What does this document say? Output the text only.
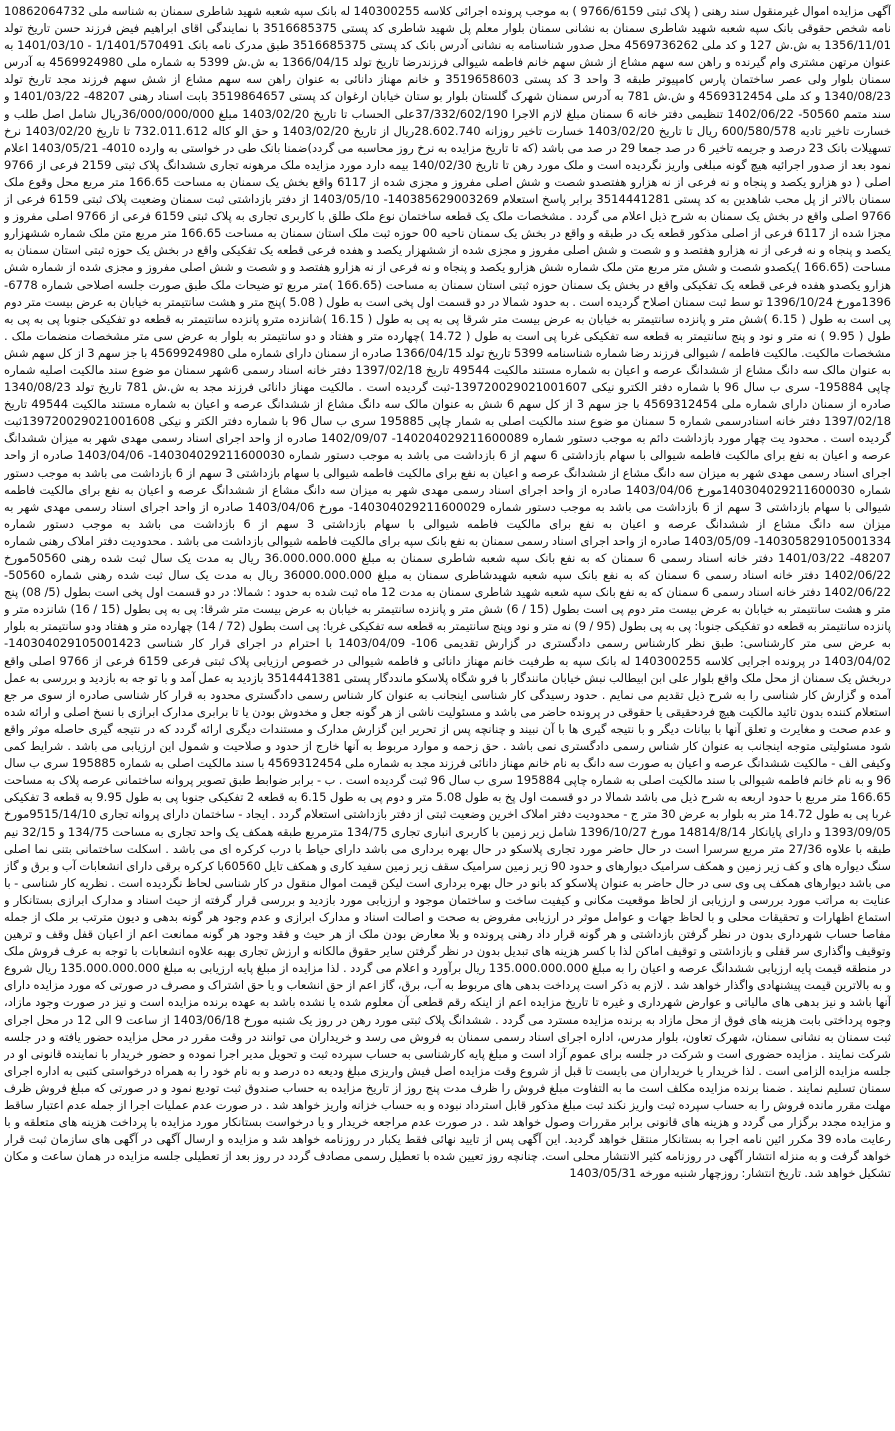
آگهی مزایده اموال غیرمنقول سند رهنی ( پلاک ثبتی 9766/6159 ) به موجب پرونده اجرائی کلاسه 140300255 له بانک سپه شعبه شهید شاطری سمنان به شناسه ملی 10862064732 نامه شخص حقوقی بانک سپه شعبه شهید شاطری سمنان به نشانی سمنان بلوار معلم پل شهید شاطری کد پستی 3516685375 با نمایندگی اقای ابراهیم فیض فرزند حسن تاریخ تولد 1356/11/01 به ش.ش 127 و کد ملی 4569736262 محل صدور شناسنامه به نشانی آدرس بانک کد پستی 3516685375 طبق مدرک نامه بانک 1/1401/570491 - 1401/03/10 به عنوان مرتهن مشتری وام گیرنده و راهن سه سهم مشاع از شش سهم خانم فاطمه شیوالی فرزندرضا تاریخ تولد 1366/04/15 به ش.ش 5399 به شماره ملی 4569924980 به آدرس سمنان بلوار ولی عصر ساختمان پارس کامپیوتر طبقه 3 واحد 3 کد پستی 3519658603 و خانم مهناز دانائی به عنوان راهن سه سهم مشاع از شش سهم فرزند مجد تاریخ تولد 1340/08/23 و کد ملی 4569312454 و ش.ش 781 به آدرس سمنان شهرک گلستان بلوار بو ستان خیابان ارغوان کد پستی 3519864657 بابت اسناد رهنی 48207- 1401/03/22 و سند متمم 50560- 1402/06/22 تنظیمی دفتر خانه 6 سمنان مبلغ لازم الاجرا 37/332/602/190علی الحساب تا تاریخ 1403/02/20 مبلغ 36/000/000/000ریال شامل اصل طلب و خسارت تاخیر تادیه 600/580/578 ریال تا تاریخ 1403/02/20 خسارت تاخیر روزانه 28.602.740ریال از تاریخ 1403/02/20 و حق الو کاله 732.011.612 تا تاریخ 1403/02/20 نرخ تسهیلات بانک 23 درصد و جریمه تاخیر 6 در صد جمعا 29 در صد می باشد (که تا تاریخ مزایده به نرخ روز محاسبه می گردد)ضمنا بانک طی در خواستی به وارده 4010- 1403/05/21 اعلام نمود بعد از صدور اجرائیه هیچ گونه مبلغی واریز نگردیده است و ملک مورد رهن تا تاریخ 140/02/30 بیمه دارد مورد مزایده ملک مرهونه تجاری ششدانگ پلاک ثبتی 2159 فرعی از 9766 اصلی ( دو هزارو یکصد و پنجاه و نه فرعی از نه هزارو هفتصدو شصت و شش اصلی مفروز و مجزی شده از 6117 واقع بخش یک سمنان به مساحت 166.65 متر مربع محل وقوع ملک سمنان بالاتر از پل محب شاهدین به کد پستی 3514441281 برابر پاسخ استعلام 140385629003269- 1403/05/10 از دفتر بازداشتی ثبت سمنان وضعیت پلاک ثبتی 6159 فرعی از 9766 اصلی واقع در بخش یک سمنان به شرح ذیل اعلام می گردد . مشخصات ملک یک قطعه ساختمان نوع ملک طلق با کاربری تجاری به پلاک ثبتی 6159 فرعی از 9766 اصلی مفروز و مجزا شده از 6117 فرعی از اصلی مذکور قطعه یک در طبقه و واقع در بخش یک سمنان ناحیه 00 حوزه ثبت ملک استان سمنان به مساحت 166.65 متر مربع متن ملک شماره ششهزارو یکصد و پنجاه و نه فرعی از نه هزارو هفتصد و و شصت و شش اصلی مفروز و مجزی شده از ششهزار یکصد و هفده فرعی قطعه یک تفکیکی واقع در بخش یک حوزه ثبتی استان سمنان به مساحت (166.65 )یکصدو شصت و شش متر مربع متن ملک شماره شش هزارو یکصد و پنجاه و نه فرعی از نه هزارو هفتصد و و شصت و شش اصلی مفروز و مجزی شده از شماره شش هزارو یکصدو هفده فرعی قطعه یک تفکیکی واقع در بخش یک سمنان حوزه ثبتی استان سمنان به مساحت (166.65 )متر مربع تو ضیحات ملک طبق صورت جلسه اصلاحی شماره 6778- 1396مورخ 1396/10/24 تو سط ثبت سمنان اصلاح گردیده است . به حدود شمالا در دو قسمت اول پخی است به طول ( 5.08 )پنج متر و هشت سانتیمتر به خیابان به عرض بیست متر دوم پی است به طول ( 6.15 )شش متر و پانزده سانتیمتر به خیابان به عرض بیست متر شرقا پی به پی به طول ( 16.15 )شانزده مترو پانزده سانتیمتر به قطعه دو تفکیکی جنوبا پی به پی به طول ( 9.95 ) نه متر و نود و پنج سانتیمتر به قطعه سه تفکیکی غربا پی است به طول ( 14.72 )چهارده متر و هفتاد و دو سانتیمتر به بلوار به عرض سی متر مشخصات منضمات ملک . مشخصات مالکیت. مالکیت فاطمه / شیوالی فرزند رضا شماره شناسنامه 5399 تاریخ تولد 1366/04/15 صادره از سمنان دارای شماره ملی 4569924980 با جز سهم 3 از کل سهم شش به عنوان مالک سه دانگ مشاع از ششدانگ عرصه و اعیان به شماره مستند مالکیت 49544 تاریخ 1397/02/18 دفتر خانه اسناد رسمی 6شهر سمنان مو ضوع سند مالکیت اصلیه شماره چاپی 195884- سری ب سال 96 با شماره دفتر الکترو نیکی 139720029021001607-ثبت گردیده است . مالکیت مهناز دانائی فرزند مجد به ش.ش 781 تاریخ تولد 1340/08/23 صادره از سمنان دارای شماره ملی 4569312454 با جز سهم 3 از کل سهم 6 شش به عنوان مالک سه دانگ مشاع از ششدانگ عرصه و اعیان به شماره مستند مالکیت 49544 تاریخ 1397/02/18 دفتر خانه اسنادرسمی شماره 5 سمنان مو ضوع سند مالکیت اصلی به شمار چاپی 195885 سری ب سال 96 با شماره دفتر الکتر و نیکی 139720029021001608ثبت گردیده است . محدود یت چهار مورد بازداشت دائم به موجب دستور شماره 140204029211600089- 1402/09/07 صادره از واحد اجرای اسناد رسمی مهدی شهر به میزان ششدانگ عرصه و اعیان به نفع برای مالکیت فاطمه شیوالی با سهام بازداشتی 6 سهم از 6 بازداشت می باشد به موجب دستور شماره 140304029211600030- 1403/04/06 صادره از واحد اجرای اسناد رسمی مهدی شهر به میزان سه دانگ مشاع از ششدانگ عرصه و اعیان به نفع برای مالکیت فاطمه شیوالی با سهام بازداشتی 3 سهم از 6 بازداشت می باشد به موجب دستور شماره 140304029211600030مورخ 1403/04/06 صادره از واحد اجرای اسناد رسمی مهدی شهر به میزان سه دانگ مشاع از ششدانگ عرصه و اعیان به نفع برای مالکیت فاطمه شیوالی با سهام بازداشتی 3 سهم از 6 بازداشت می باشد به موجب دستور شماره 140304029211600029- مورخ 1403/04/06 صادره از واحد اجرای اسناد رسمی مهدی شهر به میزان سه دانگ مشاع از ششدانگ عرصه و اعیان به نفع برای مالکیت فاطمه شیوالی با سهام بازداشتی 3 سهم از 6 بازداشت می باشد به موجب دستور شماره 140305829105001334- 1403/05/09 صادره از واحد اجرای اسناد رسمی سمنان به نفع بانک سپه برای مالکیت فاطمه شیوالی بازداشت می باشد . محدودیت دفتر املاک رهنی شماره 48207- 1401/03/22 دفتر خانه اسناد رسمی 6 سمنان که به نفع بانک سپه شعبه شاطری سمنان به مبلغ 36.000.000.000 ریال به مدت یک سال ثبت شده رهنی 50560مورخ 1402/06/22 دفتر خانه اسناد رسمی 6 سمنان که به نفع بانک سپه شعبه شهیدشاطری سمنان به مبلغ 36000.000.000 ریال به مدت یک سال ثبت شده رهنی شماره 50560- 1402/06/22 دفتر خانه اسناد رسمی 6 سمنان که به نفع بانک سپه شعبه شهید شاطری سمنان به مدت 12 ماه ثبت شده به حدود : شمالا: در دو قسمت اول پخی است بطول (5/ 08) پنج متر و هشت سانتیمتر به خیابان به عرض بیست متر دوم پی است بطول (15 / 6) شش متر و پانزده سانتیمتر به خیابان به عرض بیست متر شرقا: پی به پی بطول (15 / 16) شانزده متر و پانزده سانتیمتر به قطعه دو تفکیکی جنوبا: پی به پی بطول (95 / 9) نه متر و نود وپنج سانتیمتر به قطعه سه تفکیکی غربا: پی است بطول (72 / 14) چهارده متر و هفتاد ودو سانتیمتر به بلوار به عرض سی متر کارشناسی: طبق نظر کارشناس رسمی دادگستری در گزارش تقدیمی 106- 1403/04/09 با احترام در اجرای قرار کار شناسی 140304029105001423- 1403/04/02 در پرونده اجرایی کلاسه 140300255 له بانک سپه به طرفیت خانم مهناز دانائی و فاطمه شیوالی در خصوص ارزیابی پلاک ثبتی فرعی 6159 فرعی از 9766 اصلی واقع دربخش یک سمنان از محل ملک واقع بلوار علی ابن ابیطالب نبش خیابان مانندگار با فرو شگاه پلاسکو مانددگار پستی 3514441381 بازدید به عمل آمد و با تو جه به بازدید و بررسی به عمل آمده و گزارش کار شناسی را به شرح ذیل تقدیم می نمایم . حدود رسیدگی کار شناسی اینجانب به عنوان کار شناس رسمی دادگستری محدود به قرار کار شناسی صادره از سوی مر جع استعلام کننده بدون تائید مالکیت هیچ فردحقیقی یا حقوقی در پرونده حاضر می باشد و مسئولیت ناشی از هر گونه جعل و مخدوش بودن یا تا برابری مدارک ابرازی با نسخ اصلی و ارائه شده و عدم صحت و مغایرت و تعلق آنها با بیانات دیگر و با نتیجه گیری ها با آن نبیند و چنانچه پس از تحریر این گزارش مدارک و مستندات دیگری ارائه گردد که در نتیجه گیری حاصله موثر واقع شود مسئولیتی متوجه اینجانب به عنوان کار شناس رسمی دادگستری نمی باشد . حق زحمه و موارد مربوط به آنها خارج از حدود و صلاحیت و شمول این ارزیابی می باشد . شرایط کمی وکیفی الف - مالکیت ششدانگ عرصه و اعیان به صورت سه دانگ به نام خانم مهناز دانائی فرزند مجد به شماره ملی 4569312454 با سند مالکیت اصلی به شماره 195885 سری ب سال 96 و به نام خانم فاطمه شیوالی با سند مالکیت اصلی به شماره چاپی 195884 سری ب سال 96 ثبت گردیده است . ب - برابر ضوابط طبق تصویر پروانه ساختمانی عرصه پلاک به مساحت 166.65 متر مربع با حدود اربعه به شرح ذیل می باشد شمالا در دو قسمت اول پخ به طول 5.08 متر و دوم پی به طول 6.15 به قطعه 2 تفکیکی جنوبا پی به طول 9.95 به قطعه 3 تفکیکی غربا پی به طول 14.72 متر به بلوار به عرض 30 متر ج - محدودیت دفتر املاک اخرین وضعیت ثبتی از دفتر بازداشتی استعلام گردد . ایجاد - ساختمان دارای پروانه تجاری 9515/14/10مورخ 1393/09/05 و دارای پایانکار 14814/8/14 مورخ 1396/10/27 شامل زیر زمین با کاربری انباری تجاری 134/75 مترمربع طبقه همکف یک واحد تجاری به مساحت 134/75 و 32/15 نیم طبقه با علاوه 27/36 متر مربع سرسرا است در حال حاضر مورد تجاری پلاسکو در حال بهره برداری می باشد دارای حیاط با درب کرکره ای می باشد . اسکلت ساختمانی بتنی نما اصلی سنگ دیواره های و کف زیر زمین و همکف سرامیک دیوارهای و حدود 90 زیر زمین سرامیک سقف زیر زمین سفید کاری و همکف تایل 60560با کرکره برقی دارای انشعابات آب و برق و گاز می باشد دیوارهای همکف پی وی سی در حال حاضر به عنوان پلاسکو کد بانو در حال بهره برداری است لیکن قیمت اموال منقول در کار شناسی لحاظ نگردیده است . نظریه کار شناسی - با عنایت به مراتب مورد بررسی و ارزیابی از لحاظ موقعیت مکانی و کیفیت ساخت و ساختمان موجود و ارزیابی مورد بازدید و بررسی قرار گرفته از حیث اسناد و مدارک ابرازی بستانکار و استماع اظهارات و تحقیقات محلی و با لحاظ جهات و عوامل موثر در ارزیابی مفروض به صحت و اصالت اسناد و مدارک ابرازی و عدم وجود هر گونه بدهی و دیون مترتب بر ملک از جمله مفاصا حساب شهرداری بدون در نظر گرفتن بازداشتی و هر گونه قرار داد رهنی پرونده و بلا معارض بودن ملک از هر حیث و فقد وجود هر گونه ممانعت اعم از اعیان قفل وقف و ترهین وتوقیف واگذاری سر قفلی و بازداشتی و توقیف اماکن لذا با کسر هزینه های تبدیل بدون در نظر گرفتن سایر حقوق مالکانه و ارزش تجاری بهبه علاوه انشعابات با توجه به عرف فروش ملک در منطقه قیمت پایه ارزیابی ششدانگ عرصه و اعیان را به مبلغ 135.000.000.000 ریال برآورد و اعلام می گردد . لذا مزایده از مبلغ پایه ارزیابی به مبلغ 135.000.000.000 ریال شروع و به بالاترین قیمت پیشنهادی واگذار خواهد شد . لازم به ذکر است پرداخت بدهی های مربوط به آب، برق، گاز اعم از حق انشعاب و یا حق اشتراک و مصرف در صورتی که مورد مزایده دارای آنها باشد و نیز بدهی های مالیاتی و عوارض شهرداری و غیره تا تاریخ مزایده اعم از اینکه رقم قطعی آن معلوم شده یا نشده باشد به عهده برنده مزایده است و نیز در صورت وجود مازاد، وجوه پرداختی بابت هزینه های فوق از محل مازاد به برنده مزایده مسترد می گردد . ششدانگ پلاک ثبتی مورد رهن در روز یک شنبه مورخ 1403/06/18 از ساعت 9 الی 12 در محل اجرای ثبت سمنان به نشانی سمنان، شهرک تعاون، بلوار مدرس، اداره اجرای اسناد رسمی سمنان به فروش می رسد و خریداران می توانند در وقت مقرر در محل مزایده حضور یافته و در جلسه شرکت نمایند . مزایده حضوری است و شرکت در جلسه برای عموم آزاد است و مبلغ پایه کارشناسی به حساب سپرده ثبت و تحویل مدیر اجرا نموده و حضور خریدار با نماینده قانونی او در جلسه مزایده الزامی است . لذا خریدار یا خریداران می بایست تا قبل از شروع وقت مزایده اصل فیش واریزی مبلغ ودیعه ده درصد و به نام خود را به همراه درخواستی کتبی به اداره اجرای سمنان تسلیم نمایند . ضمنا برنده مزایده مکلف است ما به التفاوت مبلغ فروش را ظرف مدت پنج روز از تاریخ مزایده به حساب صندوق ثبت تودیع نمود و در صورتی که مبلغ فروش ظرف مهلت مقرر مانده فروش را به حساب سپرده ثبت واریز نکند ثبت مبلغ مذکور قابل استرداد نبوده و به حساب خزانه واریز خواهد شد . در صورت عدم عملیات اجرا از جمله عدم اعتبار ساقط و مزایده مجدد برگزار می گردد و هزینه های قانونی برابر مقررات وصول خواهد شد . در صورت عدم مراجعه خریدار و یا درخواست بستانکار مورد مزایده با پرداخت هزینه های متعلقه و با رعایت ماده 39 مکرر ائین نامه اجرا به بستانکار منتقل خواهد گردید. این آگهی پس از تایید نهائی فقط یکبار در روزنامه خواهد شد و مزایده و ارسال آگهی در آگهی های سازمان ثبت قرار خواهد گرفت و به منزله انتشار آگهی در روزنامه کثیر الانتشار محلی است. چنانچه روز تعیین شده با تعطیل رسمی مصادف گردد در روز بعد از تعطیلی جلسه مزایده در همان ساعت و مکان تشکیل خواهد شد. تاریخ انتشار: روزچهار شنبه مورخه 1403/05/31
